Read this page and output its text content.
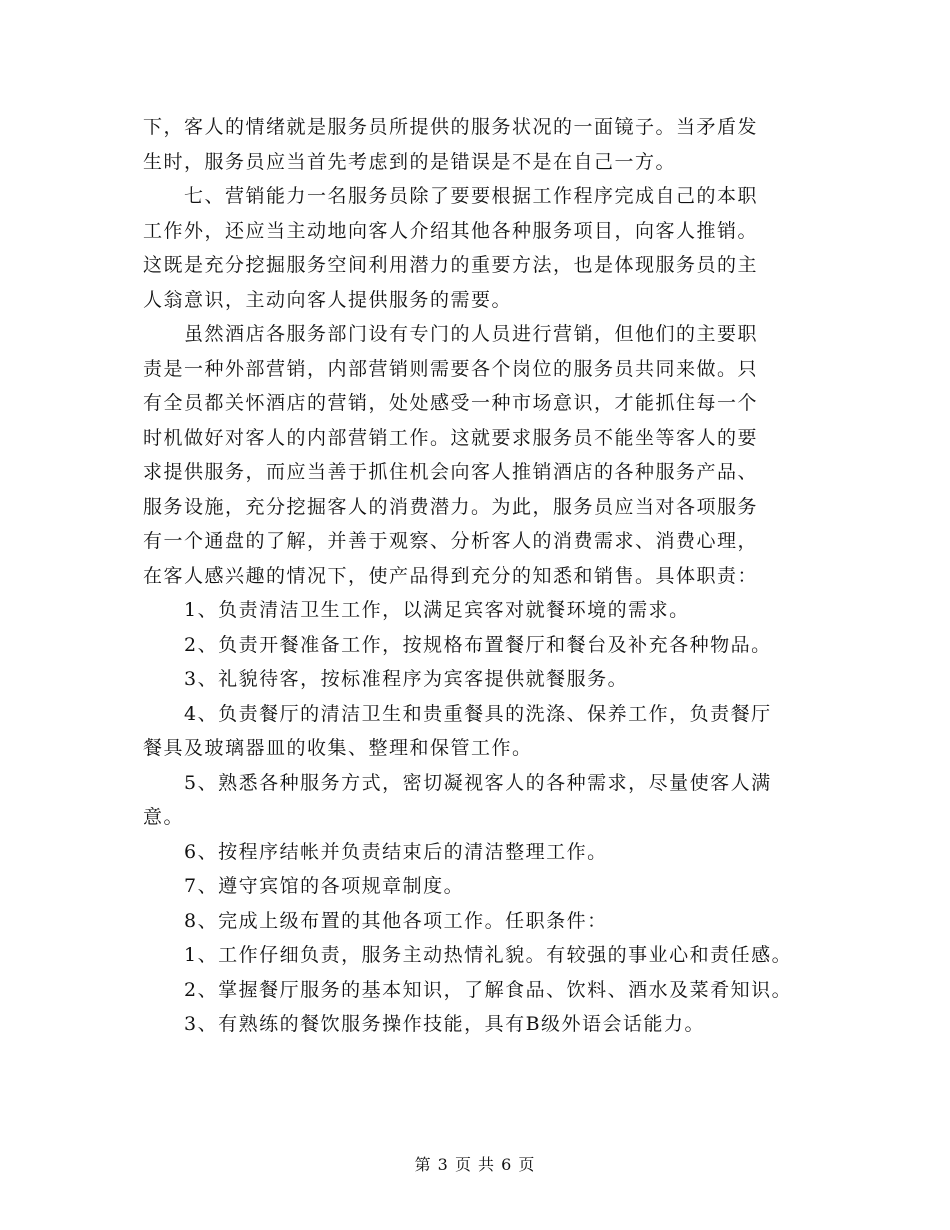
下，客人的情绪就是服务员所提供的服务状况的一面镜子。当矛盾发
生时，服务员应当首先考虑到的是错误是不是在自己一方。
七、营销能力一名服务员除了要要根据工作程序完成自己的本职
工作外，还应当主动地向客人介绍其他各种服务项目，向客人推销。
这既是充分挖掘服务空间利用潜力的重要方法，也是体现服务员的主
人翁意识，主动向客人提供服务的需要。
虽然酒店各服务部门设有专门的人员进行营销，但他们的主要职
责是一种外部营销，内部营销则需要各个岗位的服务员共同来做。只
有全员都关怀酒店的营销，处处感受一种市场意识，才能抓住每一个
时机做好对客人的内部营销工作。这就要求服务员不能坐等客人的要
求提供服务，而应当善于抓住机会向客人推销酒店的各种服务产品、
服务设施，充分挖掘客人的消费潜力。为此，服务员应当对各项服务
有一个通盘的了解，并善于观察、分析客人的消费需求、消费心理，
在客人感兴趣的情况下，使产品得到充分的知悉和销售。具体职责：
1、负责清洁卫生工作，以满足宾客对就餐环境的需求。
2、负责开餐准备工作，按规格布置餐厅和餐台及补充各种物品。
3、礼貌待客，按标准程序为宾客提供就餐服务。
4、负责餐厅的清洁卫生和贵重餐具的洗涤、保养工作，负责餐厅
餐具及玻璃器皿的收集、整理和保管工作。
5、熟悉各种服务方式，密切凝视客人的各种需求，尽量使客人满
意。
6、按程序结帐并负责结束后的清洁整理工作。
7、遵守宾馆的各项规章制度。
8、完成上级布置的其他各项工作。任职条件：
1、工作仔细负责，服务主动热情礼貌。有较强的事业心和责任感。
2、掌握餐厅服务的基本知识，了解食品、饮料、酒水及菜肴知识。
3、有熟练的餐饮服务操作技能，具有B级外语会话能力。
第 3 页 共 6 页
